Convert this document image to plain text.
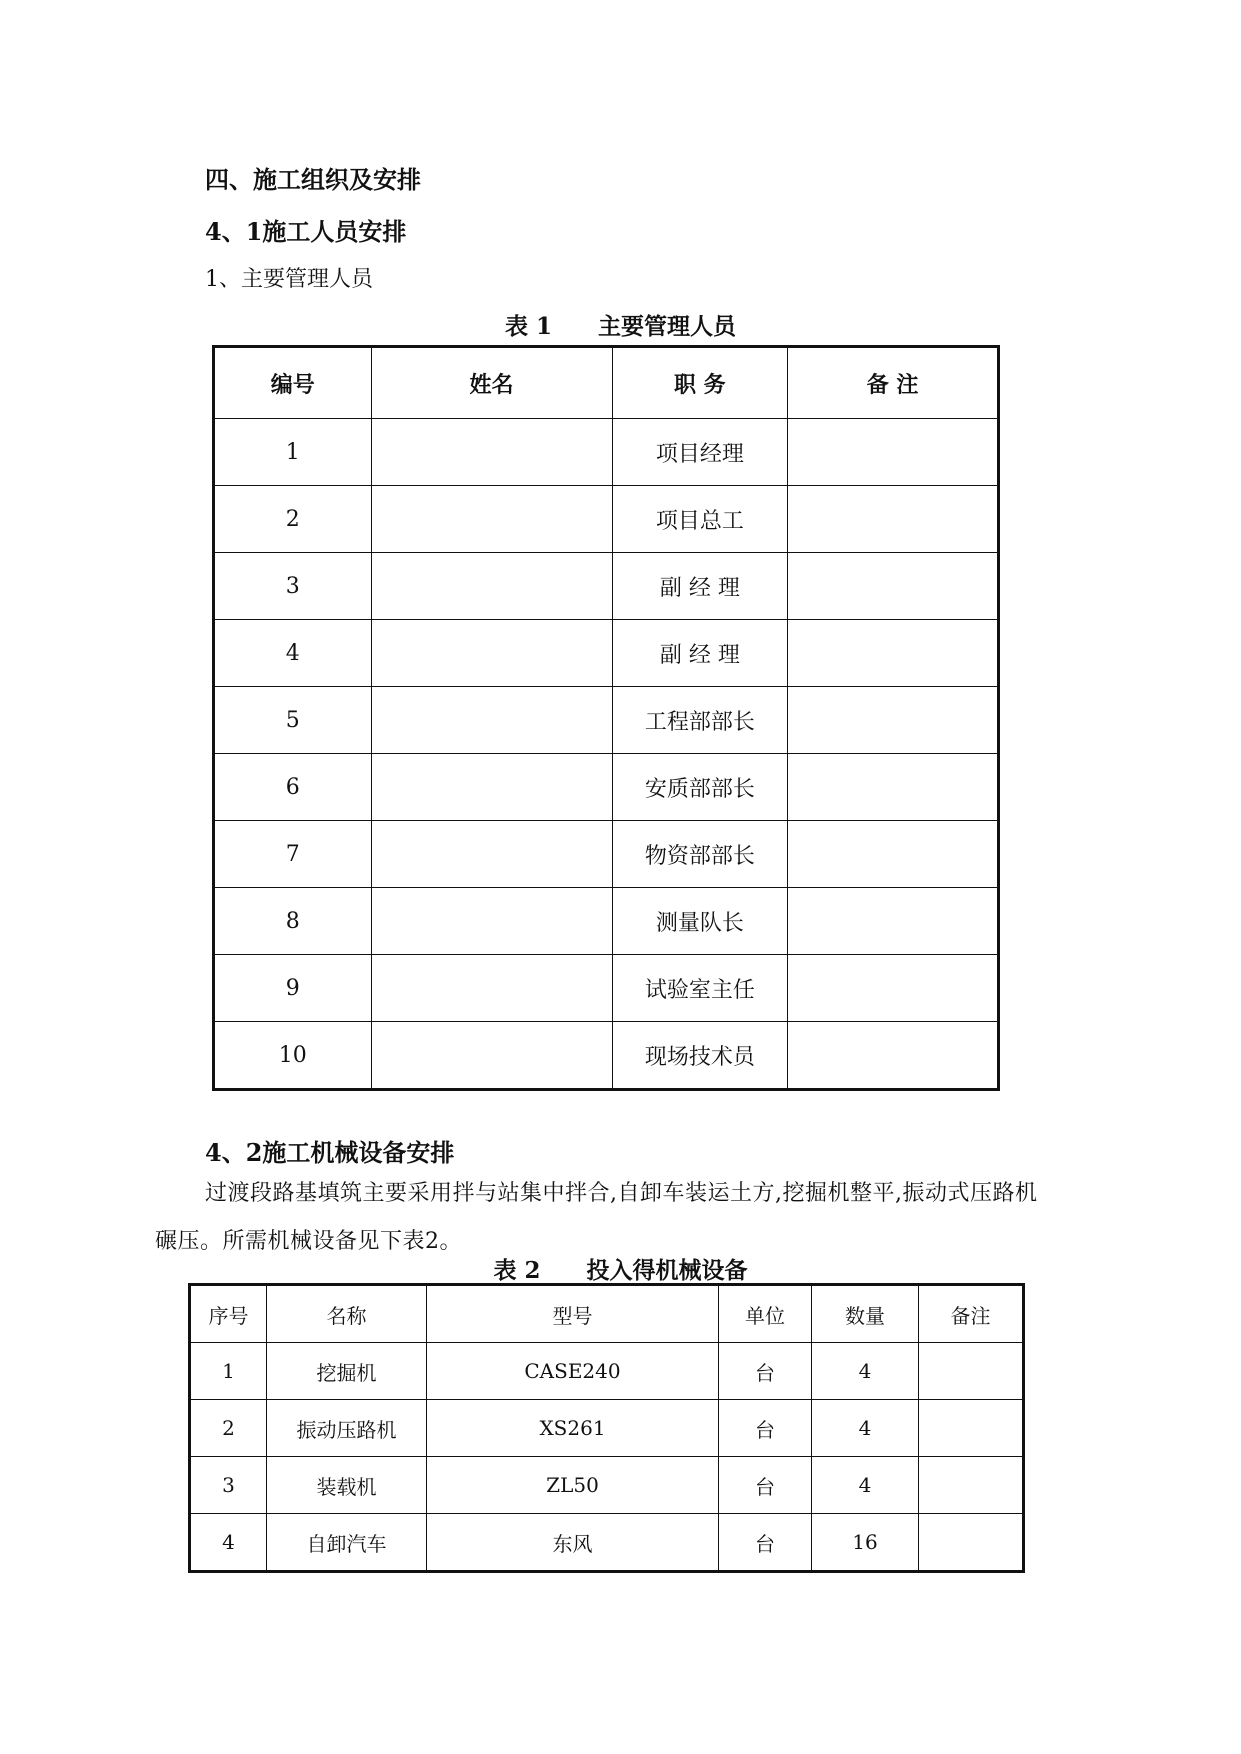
四、施工组织及安排
4、1施工人员安排
1、主要管理人员
表 1　　主要管理人员
编号	姓名	职 务	备 注
1		项目经理	
2		项目总工	
3		副 经 理	
4		副 经 理	
5		工程部部长	
6		安质部部长	
7		物资部部长	
8		测量队长	
9		试验室主任	
10		现场技术员	
4、2施工机械设备安排
过渡段路基填筑主要采用拌与站集中拌合,自卸车装运土方,挖掘机整平,振动式压路机碾压。所需机械设备见下表2。
表 2　　投入得机械设备
序号	名称	型号	单位	数量	备注
1	挖掘机	CASE240	台	4	
2	振动压路机	XS261	台	4	
3	装载机	ZL50	台	4	
4	自卸汽车	东风	台	16	
